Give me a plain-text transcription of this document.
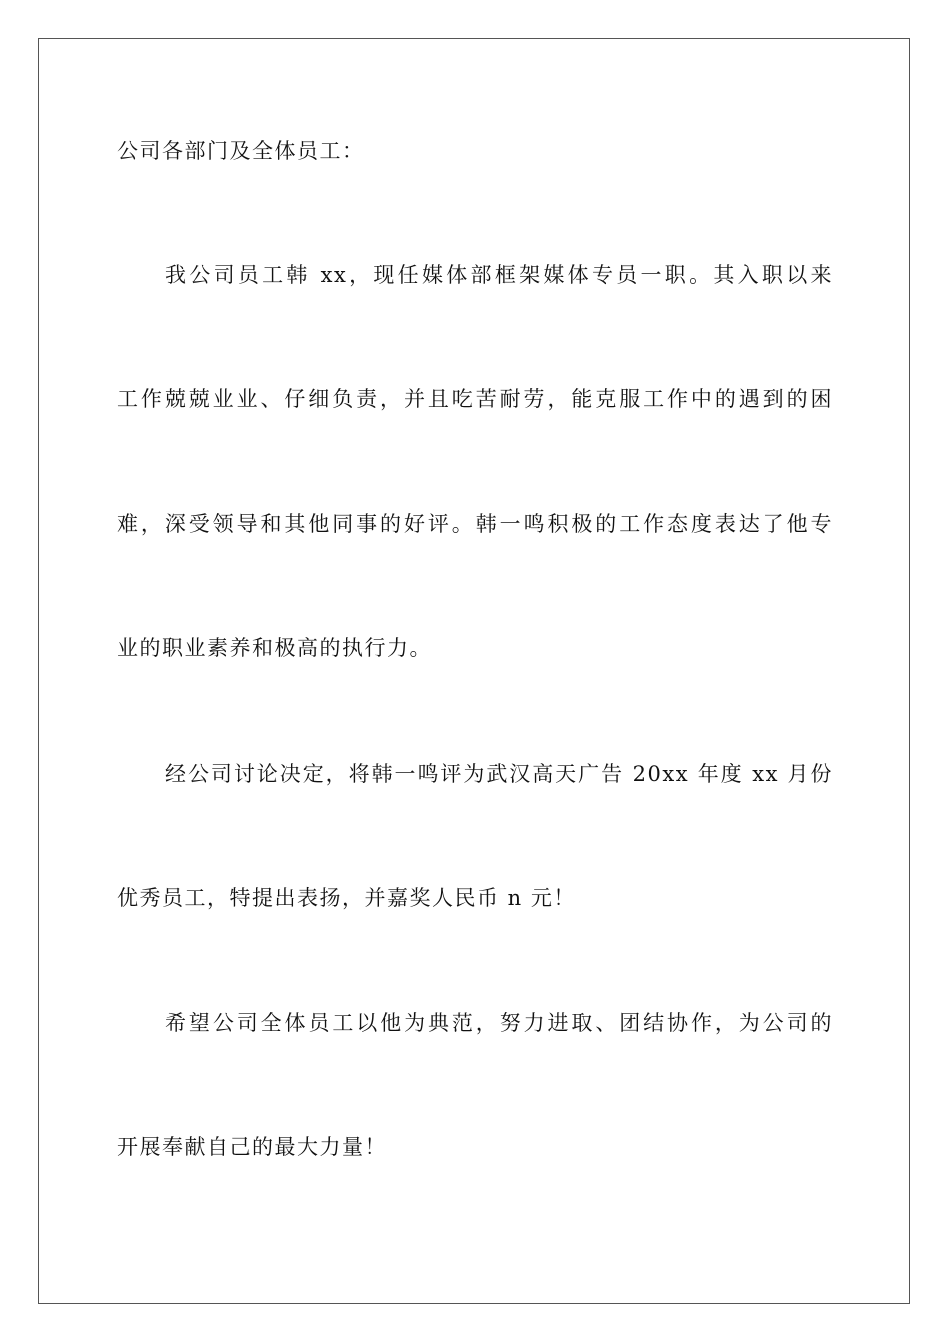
公司各部门及全体员工：
我公司员工韩 xx，现任媒体部框架媒体专员一职。其入职以来
工作兢兢业业、仔细负责，并且吃苦耐劳，能克服工作中的遇到的困
难，深受领导和其他同事的好评。韩一鸣积极的工作态度表达了他专
业的职业素养和极高的执行力。
经公司讨论决定，将韩一鸣评为武汉高天广告 20xx 年度 xx 月份
优秀员工，特提出表扬，并嘉奖人民币 n 元！
希望公司全体员工以他为典范，努力进取、团结协作，为公司的
开展奉献自己的最大力量！
